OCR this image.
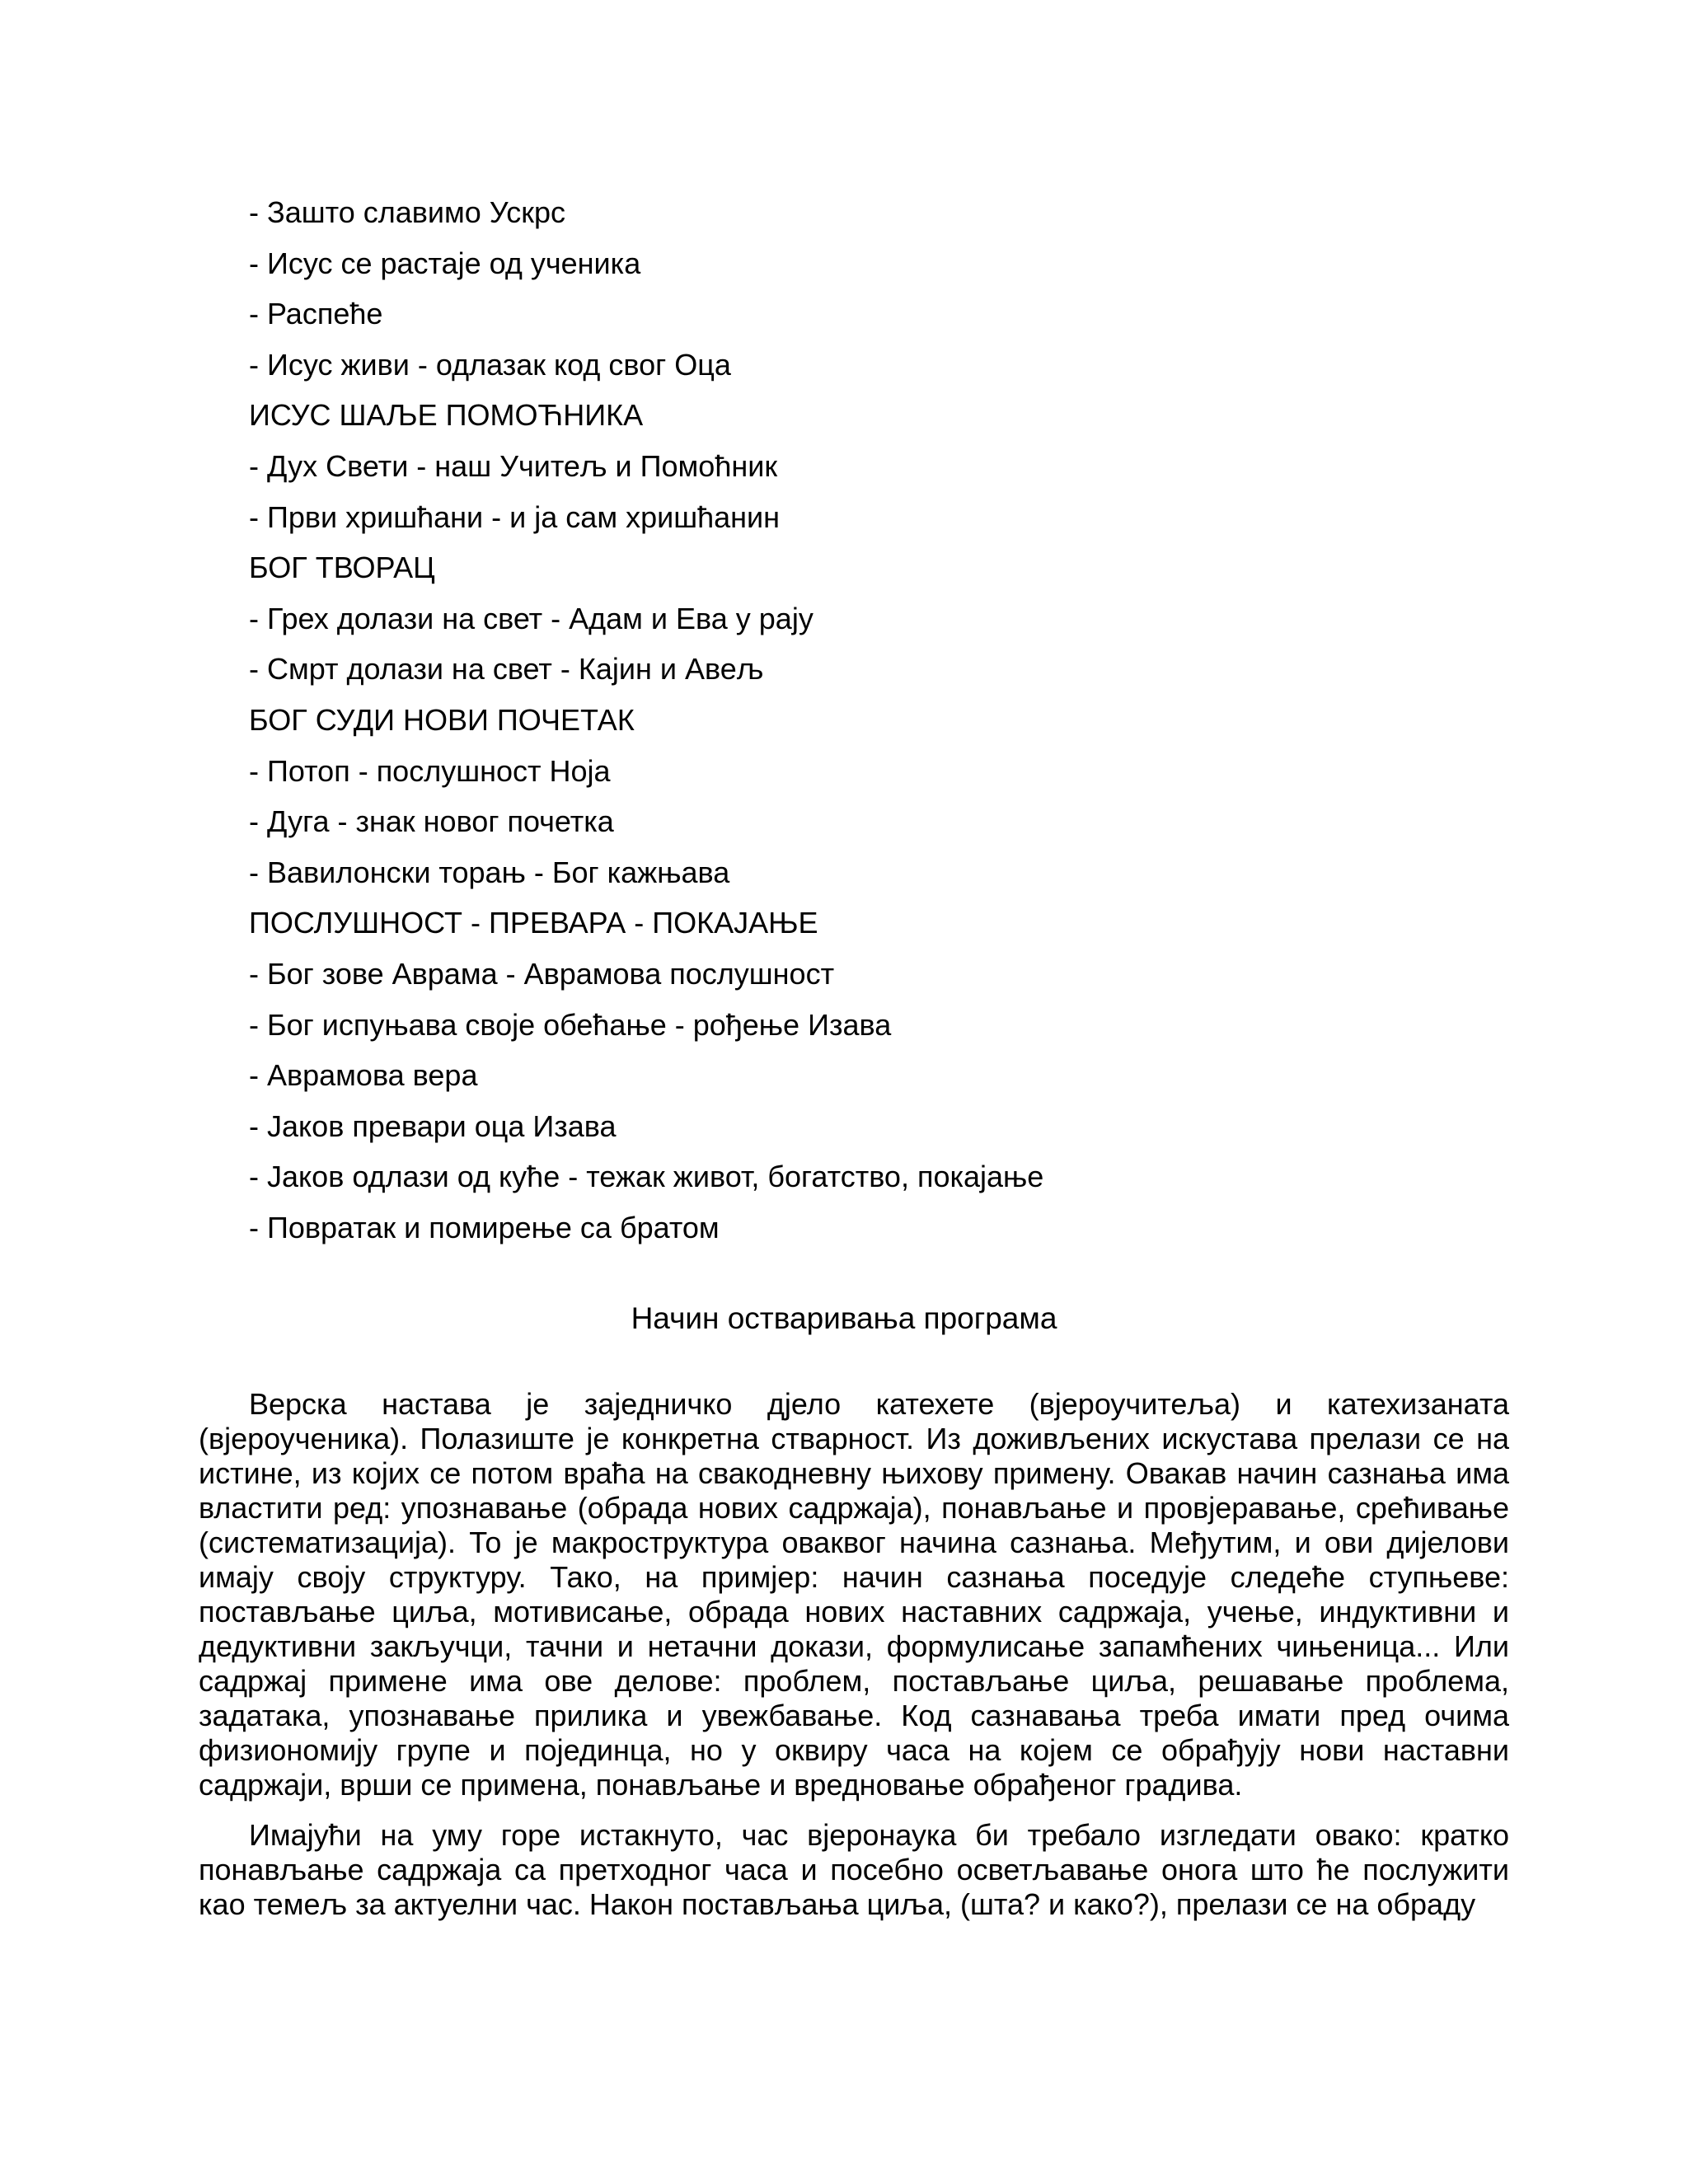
- Зашто славимо Ускрс
- Исус се растаје од ученика
- Распеће
- Исус живи - одлазак код свог Оца
ИСУС ШАЉЕ ПОМОЋНИКА
- Дух Свети - наш Учитељ и Помоћник
- Први хришћани - и ја сам хришћанин
БОГ ТВОРАЦ
- Грех долази на свет - Адам и Ева у рају
- Смрт долази на свет - Кајин и Авељ
БОГ СУДИ НОВИ ПОЧЕТАК
- Потоп - послушност Ноја
- Дуга - знак новог почетка
- Вавилонски торањ - Бог кажњава
ПОСЛУШНОСТ - ПРЕВАРА - ПОКАЈАЊЕ
- Бог зове Аврама - Аврамова послушност
- Бог испуњава своје обећање - рођење Изава
- Аврамова вера
- Јаков превари оца Изава
- Јаков одлази од куће - тежак живот, богатство, покајање
- Повратак и помирење са братом
Начин остваривања програма

Верска настава је заједничко дјело катехете (вјероучитеља) и катехизаната (вјероученика). Полазиште је конкретна стварност. Из доживљених искустава прелази се на истине, из којих се потом враћа на свакодневну њихову примену. Овакав начин сазнања има властити ред: упознавање (обрада нових садржаја), понављање и провјеравање, срећивање (систематизација). То је макроструктура оваквог начина сазнања. Међутим, и ови дијелови имају своју структуру. Тако, на примјер: начин сазнања поседује следеће ступњеве: постављање циља, мотивисање, обрада нових наставних садржаја, учење, индуктивни и дедуктивни закључци, тачни и нетачни докази, формулисање запамћених чињеница... Или садржај примене има ове делове: проблем, постављање циља, решавање проблема, задатака, упознавање прилика и увежбавање. Код сазнавања треба имати пред очима физиономију групе и појединца, но у оквиру часа на којем се обрађују нови наставни садржаји, врши се примена, понављање и вредновање обрађеног градива.

Имајући на уму горе истакнуто, час вјеронаука би требало изгледати овако: кратко понављање садржаја са претходног часа и посебно осветљавање онога што ће послужити као темељ за актуелни час. Након постављања циља, (шта? и како?), прелази се на обраду
